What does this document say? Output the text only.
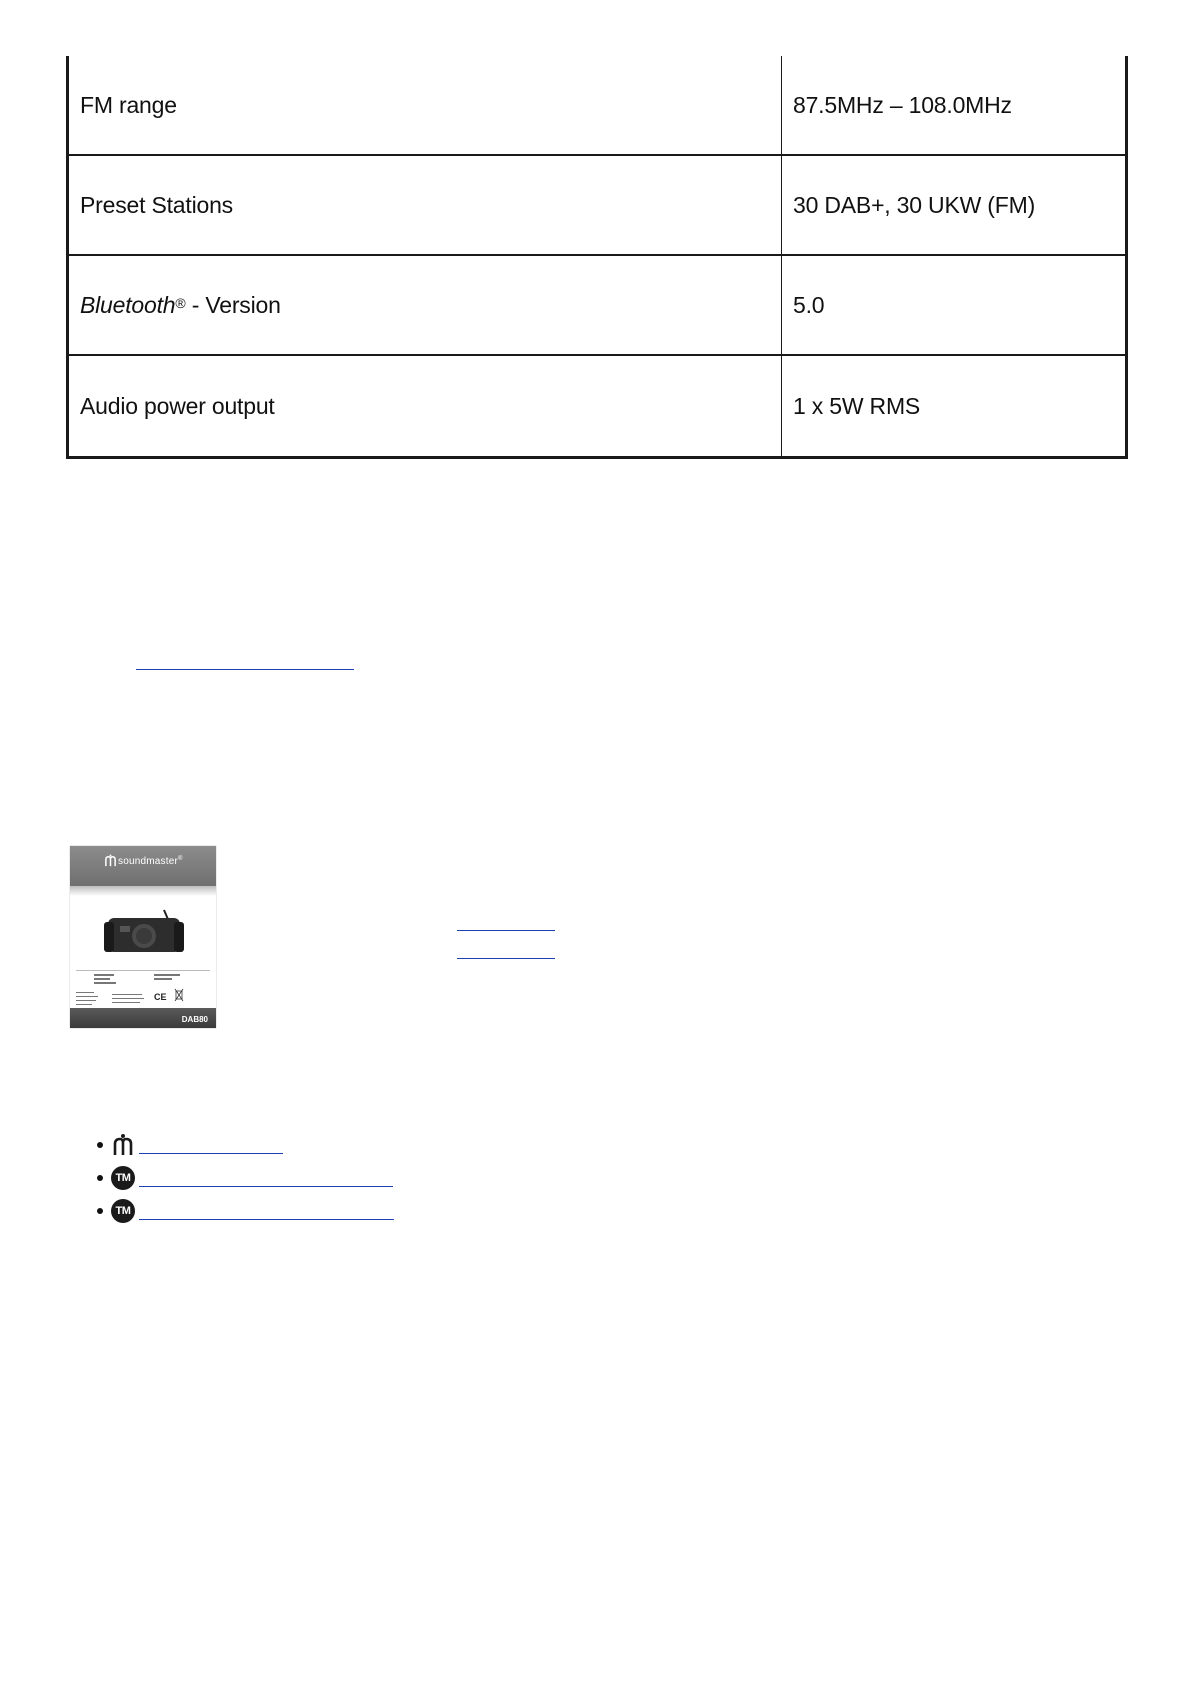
FM range	87.5MHz – 108.0MHz
Preset Stations	30 DAB+, 30 UKW (FM)
Bluetooth® - Version	5.0
Audio power output	1 x 5W RMS
soundmaster®
CE
DAB80
TM
TM
